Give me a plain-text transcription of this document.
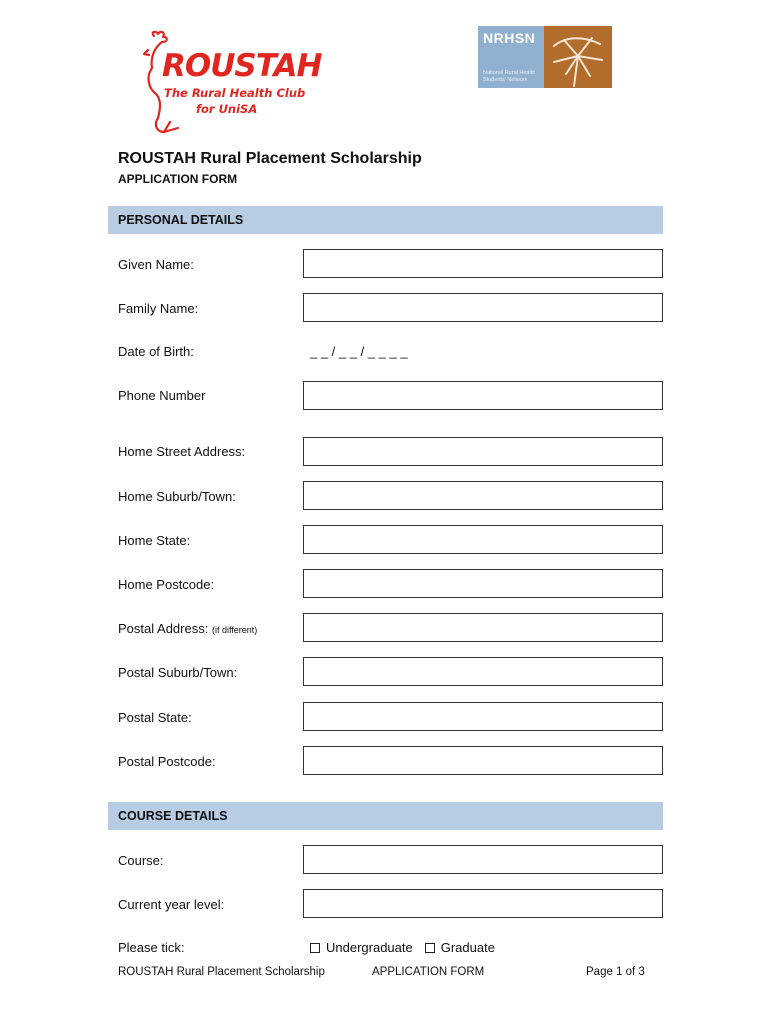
ROUSTAH
The Rural Health Club
for UniSA
NRHSN
National Rural Health Students' Network
ROUSTAH Rural Placement Scholarship
APPLICATION FORM
PERSONAL DETAILS
Given Name:
Family Name:
Date of Birth:	_ _ / _ _ / _ _ _ _
Phone Number
Home Street Address:
Home Suburb/Town:
Home State:
Home Postcode:
Postal Address: (if different)
Postal Suburb/Town:
Postal State:
Postal Postcode:
COURSE DETAILS
Course:
Current year level:
Please tick:	Undergraduate Graduate
ROUSTAH Rural Placement Scholarship	APPLICATION FORM	Page 1 of 3
